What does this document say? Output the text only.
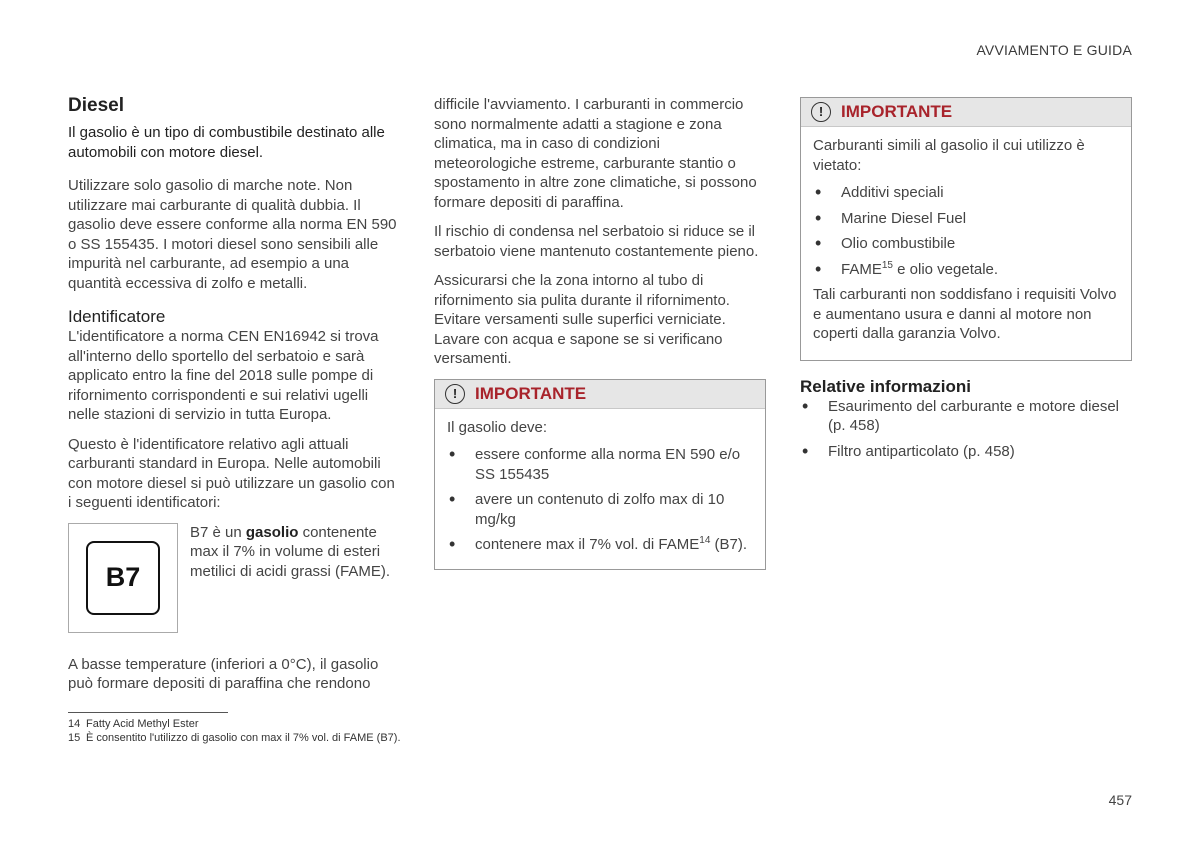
AVVIAMENTO E GUIDA
Diesel

Il gasolio è un tipo di combustibile destinato alle automobili con motore diesel.

Utilizzare solo gasolio di marche note. Non utilizzare mai carburante di qualità dubbia. Il gasolio deve essere conforme alla norma EN 590 o SS 155435. I motori diesel sono sensibili alle impurità nel carburante, ad esempio a una quantità eccessiva di zolfo e metalli.

Identificatore

L'identificatore a norma CEN EN16942 si trova all'interno dello sportello del serbatoio e sarà applicato entro la fine del 2018 sulle pompe di rifornimento corrispondenti e sui relativi ugelli nelle stazioni di servizio in tutta Europa.

Questo è l'identificatore relativo agli attuali carburanti standard in Europa. Nelle automobili con motore diesel si può utilizzare un gasolio con i seguenti identificatori:

B7
B7 è un gasolio contenente max il 7% in volume di esteri metilici di acidi grassi (FAME).

A basse temperature (inferiori a 0°C), il gasolio può formare depositi di paraffina che rendono

difficile l'avviamento. I carburanti in commercio sono normalmente adatti a stagione e zona climatica, ma in caso di condizioni meteorologiche estreme, carburante stantio o spostamento in altre zone climatiche, si possono formare depositi di paraffina.

Il rischio di condensa nel serbatoio si riduce se il serbatoio viene mantenuto costantemente pieno.

Assicurarsi che la zona intorno al tubo di rifornimento sia pulita durante il rifornimento. Evitare versamenti sulle superfici verniciate. Lavare con acqua e sapone se si verificano versamenti.

!	IMPORTANTE

Il gasolio deve:

• essere conforme alla norma EN 590 e/o SS 155435
• avere un contenuto di zolfo max di 10 mg/kg
• contenere max il 7% vol. di FAME$^{14}$ (B7).
!	IMPORTANTE

Carburanti simili al gasolio il cui utilizzo è vietato:

• Additivi speciali
• Marine Diesel Fuel
• Olio combustibile
• FAME$^{15}$ e olio vegetale.

Tali carburanti non soddisfano i requisiti Volvo e aumentano usura e danni al motore non coperti dalla garanzia Volvo.

Relative informazioni
• Esaurimento del carburante e motore diesel (p. 458)
• Filtro antiparticolato (p. 458)
14 Fatty Acid Methyl Ester
15 È consentito l'utilizzo di gasolio con max il 7% vol. di FAME (B7).
457
